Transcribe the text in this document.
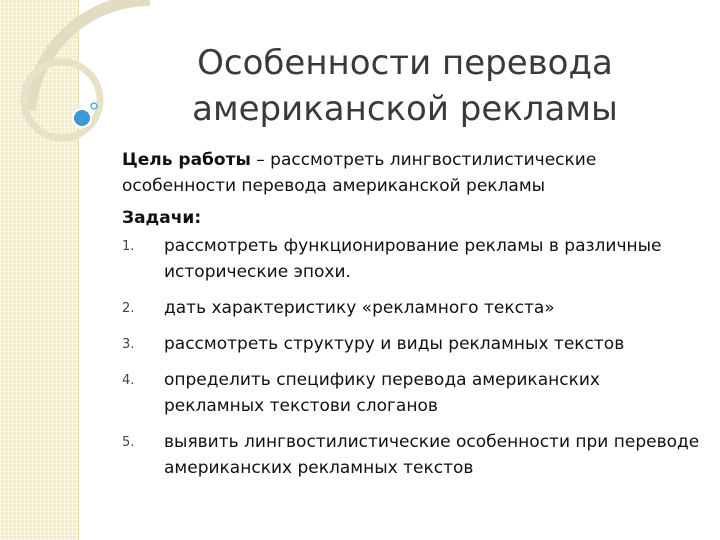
Особенности перевода
американской рекламы

Цель работы – рассмотреть лингвостилистические особенности перевода американской рекламы

Задачи:
1. рассмотреть функционирование рекламы в различные исторические эпохи.
2. дать характеристику «рекламного текста»
3. рассмотреть структуру и виды рекламных текстов
4. определить специфику перевода американских рекламных текстови слоганов
5. выявить лингвостилистические особенности при переводе американских рекламных текстов
